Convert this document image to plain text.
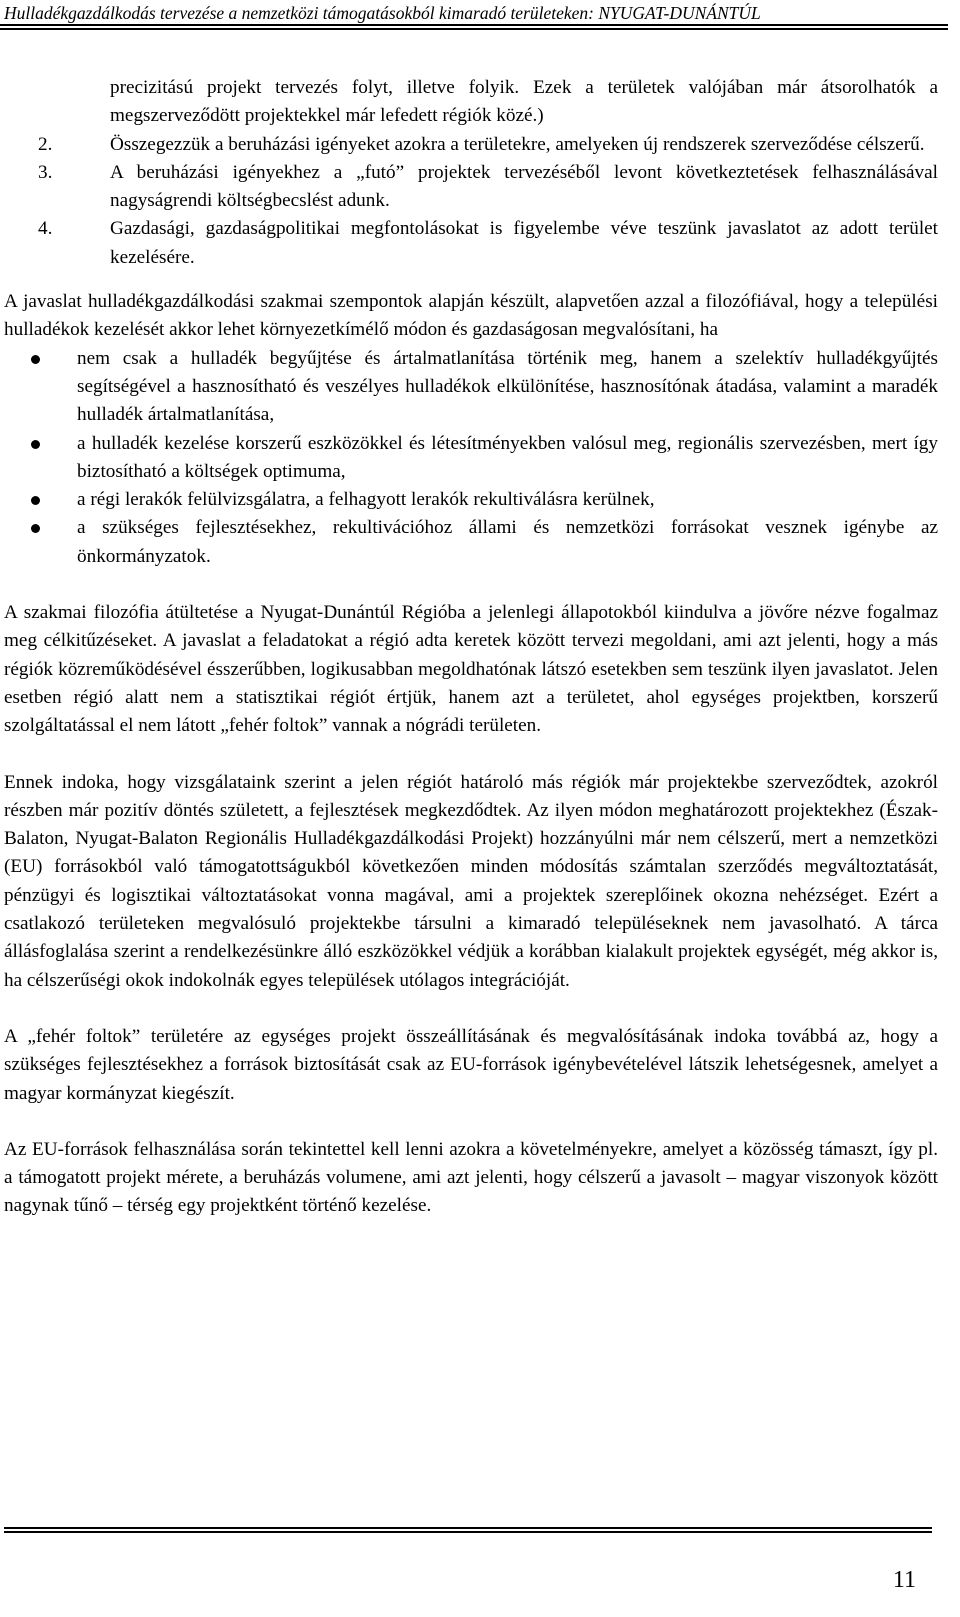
Hulladékgazdálkodás tervezése a nemzetközi támogatásokból kimaradó területeken: NYUGAT-DUNÁNTÚL
precizitású projekt tervezés folyt, illetve folyik. Ezek a területek valójában már átsorolhatók a megszerveződött projektekkel már lefedett régiók közé.)
2.	Összegezzük a beruházási igényeket azokra a területekre, amelyeken új rendszerek szerveződése célszerű.
3.	A beruházási igényekhez a „futó” projektek tervezéséből levont következtetések felhasználásával nagyságrendi költségbecslést adunk.
4.	Gazdasági, gazdaságpolitikai megfontolásokat is figyelembe véve teszünk javaslatot az adott terület kezelésére.

A javaslat hulladékgazdálkodási szakmai szempontok alapján készült, alapvetően azzal a filozófiával, hogy a települési hulladékok kezelését akkor lehet környezetkímélő módon és gazdaságosan megvalósítani, ha

nem csak a hulladék begyűjtése és ártalmatlanítása történik meg, hanem a szelektív hulladékgyűjtés segítségével a hasznosítható és veszélyes hulladékok elkülönítése, hasznosítónak átadása, valamint a maradék hulladék ártalmatlanítása,
a hulladék kezelése korszerű eszközökkel és létesítményekben valósul meg, regionális szervezésben, mert így biztosítható a költségek optimuma,
a régi lerakók felülvizsgálatra, a felhagyott lerakók rekultiválásra kerülnek,
a szükséges fejlesztésekhez, rekultivációhoz állami és nemzetközi forrásokat vesznek igénybe az önkormányzatok.

A szakmai filozófia átültetése a Nyugat-Dunántúl Régióba a jelenlegi állapotokból kiindulva a jövőre nézve fogalmaz meg célkitűzéseket. A javaslat a feladatokat a régió adta keretek között tervezi megoldani, ami azt jelenti, hogy a más régiók közreműködésével ésszerűbben, logikusabban megoldhatónak látszó esetekben sem teszünk ilyen javaslatot. Jelen esetben régió alatt nem a statisztikai régiót értjük, hanem azt a területet, ahol egységes projektben, korszerű szolgáltatással el nem látott „fehér foltok” vannak a nógrádi területen.

Ennek indoka, hogy vizsgálataink szerint a jelen régiót határoló más régiók már projektekbe szerveződtek, azokról részben már pozitív döntés született, a fejlesztések megkezdődtek. Az ilyen módon meghatározott projektekhez (Észak-Balaton, Nyugat-Balaton Regionális Hulladékgazdálkodási Projekt) hozzányúlni már nem célszerű, mert a nemzetközi (EU) forrásokból való támogatottságukból következően minden módosítás számtalan szerződés megváltoztatását, pénzügyi és logisztikai változtatásokat vonna magával, ami a projektek szereplőinek okozna nehézséget. Ezért a csatlakozó területeken megvalósuló projektekbe társulni a kimaradó településeknek nem javasolható. A tárca állásfoglalása szerint a rendelkezésünkre álló eszközökkel védjük a korábban kialakult projektek egységét, még akkor is, ha célszerűségi okok indokolnák egyes települések utólagos integrációját.

A „fehér foltok” területére az egységes projekt összeállításának és megvalósításának indoka továbbá az, hogy a szükséges fejlesztésekhez a források biztosítását csak az EU-források igénybevételével látszik lehetségesnek, amelyet a magyar kormányzat kiegészít.

Az EU-források felhasználása során tekintettel kell lenni azokra a követelményekre, amelyet a közösség támaszt, így pl. a támogatott projekt mérete, a beruházás volumene, ami azt jelenti, hogy célszerű a javasolt – magyar viszonyok között nagynak tűnő – térség egy projektként történő kezelése.

11
